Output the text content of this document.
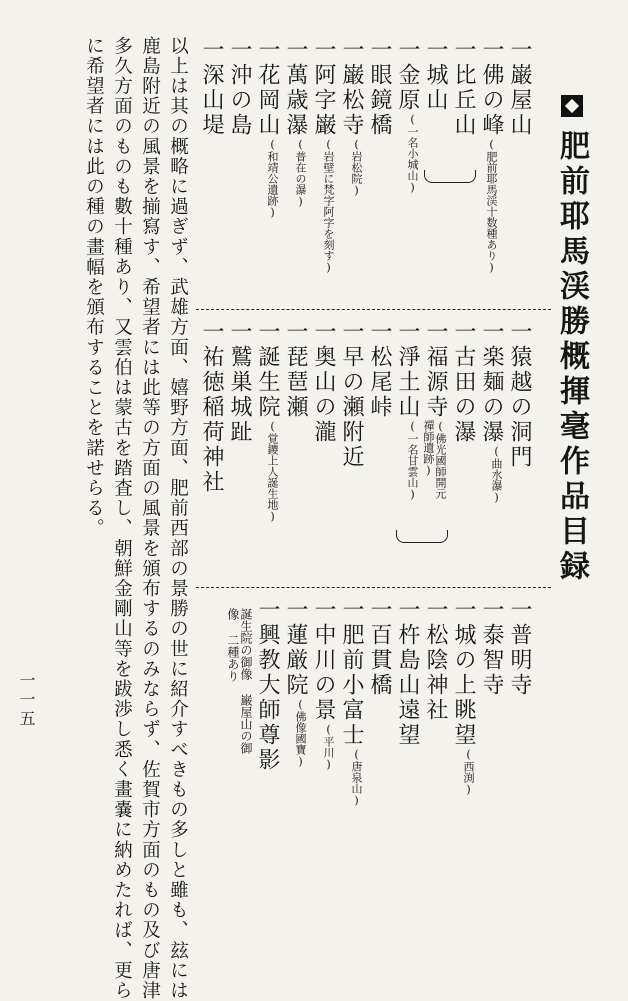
肥前耶馬渓勝概揮毫作品目録
一巌屋山
一佛の峰(肥前耶馬渓十数種あり)
一比丘山
一城山
一金原
(一名小城山)
一眼鏡橋
一巌松寺
(岩松院)
一阿字巌
(岩壁に梵字阿字を刻す)
一萬歳瀑
(普在の瀑)
一花岡山
(和靖公遺跡)
一沖の島
一深山堤
一猿越の洞門
一楽麺の瀑
(曲水瀑)
一古田の瀑
一福源寺
(佛光國師開元禪師遺跡)
一淨土山
(一名甘雲山)
一松尾峠
一早の瀬附近
一奥山の瀧
一琵琶瀬
一誕生院
(覚鑁上人誕生地)
一鷲巣城趾
一祐徳稲荷神社
一普明寺
一泰智寺
一城の上眺望
(西渕)
一松陰神社
一杵島山遠望
一百貫橋
一肥前小富士
(唐泉山)
一中川の景
(平川)
一蓮厳院
(佛像國寶)
一興教大師尊影
誕生院の御像 巌屋山の御像 二種あり
以上は其の概略に過ぎず、武雄方面、嬉野方面、肥前西部の景勝の世に紹介すべきもの多しと雖も、玆には
鹿島附近の風景を揃寫す、希望者には此等の方面の風景を頒布するのみならず、佐賀市方面のもの及び唐津
多久方面のものも數十種あり、又雲伯は蒙古を踏査し、朝鮮金剛山等を跋渉し悉く畫嚢に納めたれば、更ら
に希望者には此の種の畫幅を頒布することを諾せらる。
一一五
